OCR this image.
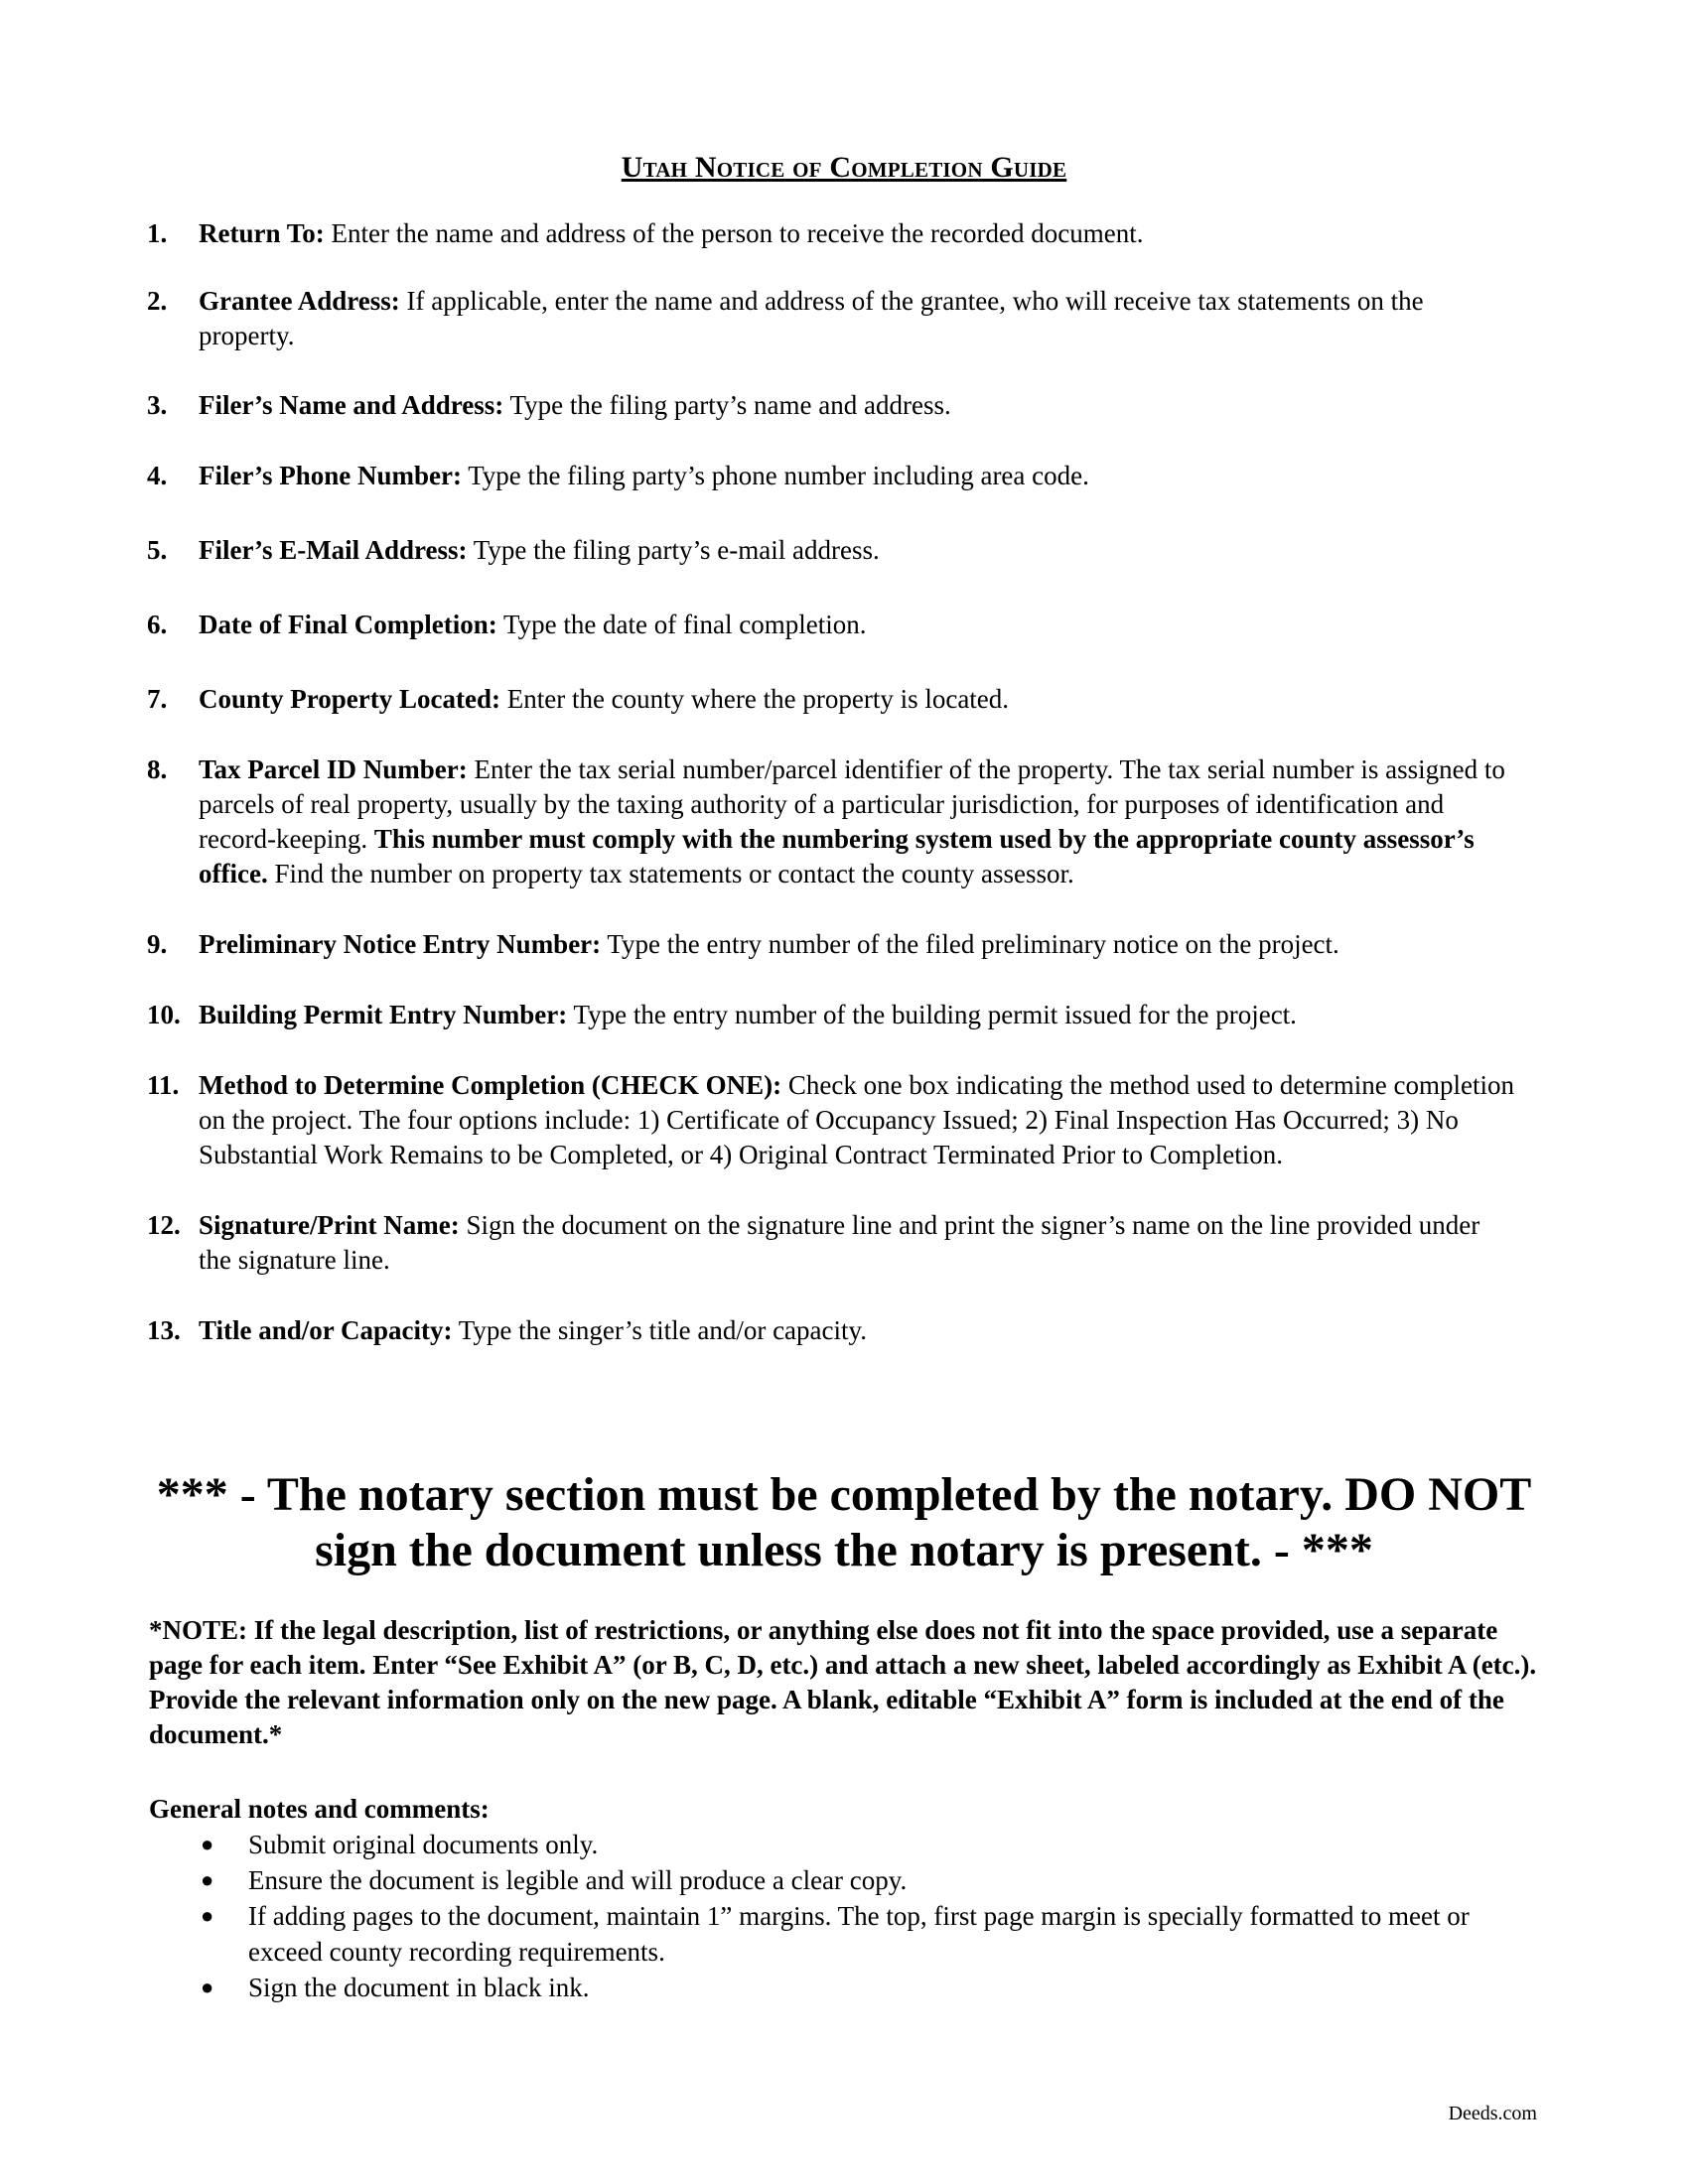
Utah Notice of Completion Guide
1. Return To: Enter the name and address of the person to receive the recorded document.
2. Grantee Address: If applicable, enter the name and address of the grantee, who will receive tax statements on the property.
3. Filer’s Name and Address: Type the filing party’s name and address.
4. Filer’s Phone Number: Type the filing party’s phone number including area code.
5. Filer’s E-Mail Address: Type the filing party’s e-mail address.
6. Date of Final Completion: Type the date of final completion.
7. County Property Located: Enter the county where the property is located.
8. Tax Parcel ID Number: Enter the tax serial number/parcel identifier of the property. The tax serial number is assigned to parcels of real property, usually by the taxing authority of a particular jurisdiction, for purposes of identification and record-keeping. This number must comply with the numbering system used by the appropriate county assessor’s office. Find the number on property tax statements or contact the county assessor.
9. Preliminary Notice Entry Number: Type the entry number of the filed preliminary notice on the project.
10. Building Permit Entry Number: Type the entry number of the building permit issued for the project.
11. Method to Determine Completion (CHECK ONE): Check one box indicating the method used to determine completion on the project. The four options include: 1) Certificate of Occupancy Issued; 2) Final Inspection Has Occurred; 3) No Substantial Work Remains to be Completed, or 4) Original Contract Terminated Prior to Completion.
12. Signature/Print Name: Sign the document on the signature line and print the signer’s name on the line provided under the signature line.
13. Title and/or Capacity: Type the singer’s title and/or capacity.
*** - The notary section must be completed by the notary. DO NOT sign the document unless the notary is present. - ***
*NOTE: If the legal description, list of restrictions, or anything else does not fit into the space provided, use a separate page for each item. Enter “See Exhibit A” (or B, C, D, etc.) and attach a new sheet, labeled accordingly as Exhibit A (etc.). Provide the relevant information only on the new page. A blank, editable “Exhibit A” form is included at the end of the document.*
General notes and comments:
● Submit original documents only.
● Ensure the document is legible and will produce a clear copy.
● If adding pages to the document, maintain 1” margins. The top, first page margin is specially formatted to meet or exceed county recording requirements.
● Sign the document in black ink.
Deeds.com
